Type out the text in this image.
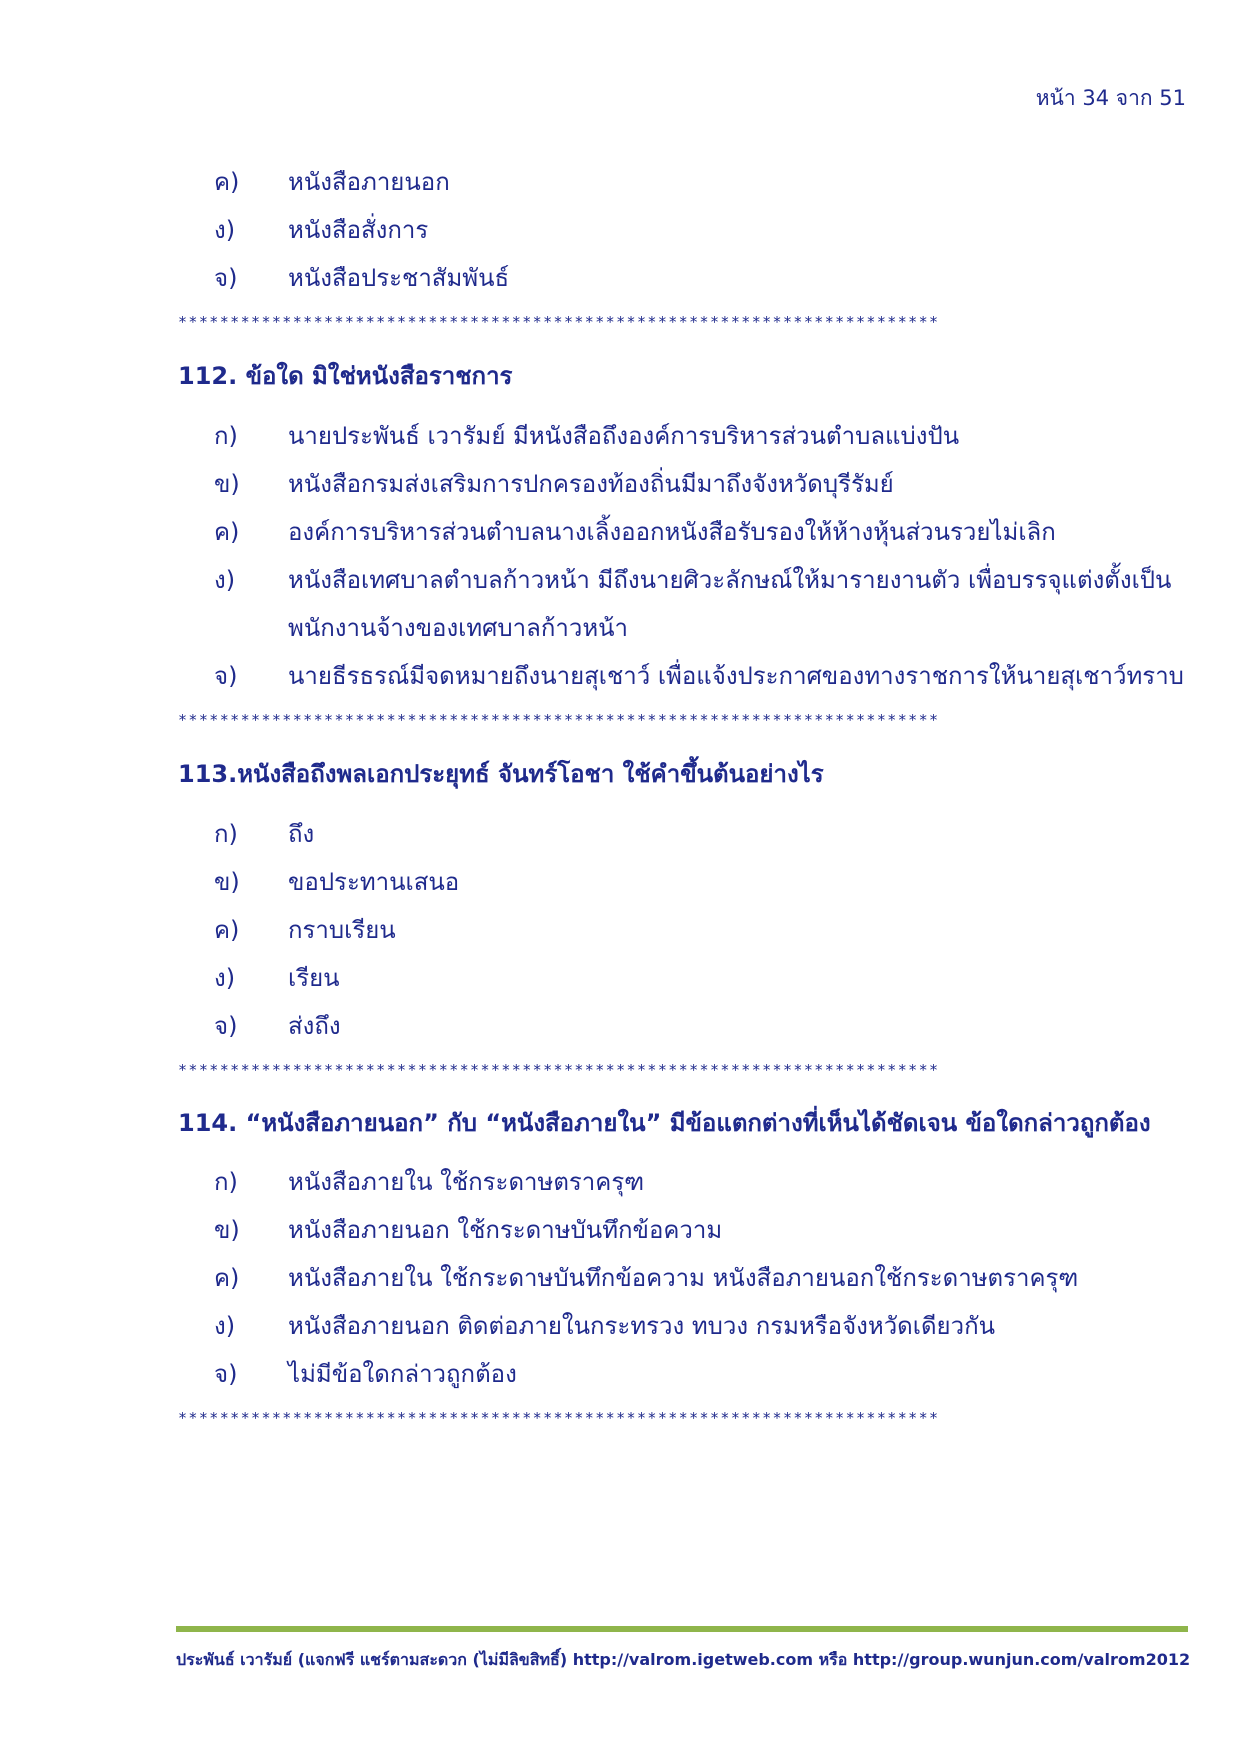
หน้า 34 จาก 51
ค)	หนังสือภายนอก
ง)	หนังสือสั่งการ
จ)	หนังสือประชาสัมพันธ์
*************************************************************************
112. ข้อใด มิใช่หนังสือราชการ
ก)	นายประพันธ์ เวารัมย์ มีหนังสือถึงองค์การบริหารส่วนตำบลแบ่งปัน
ข)	หนังสือกรมส่งเสริมการปกครองท้องถิ่นมีมาถึงจังหวัดบุรีรัมย์
ค)	องค์การบริหารส่วนตำบลนางเลิ้งออกหนังสือรับรองให้ห้างหุ้นส่วนรวยไม่เลิก
ง)	หนังสือเทศบาลตำบลก้าวหน้า มีถึงนายศิวะลักษณ์ให้มารายงานตัว เพื่อบรรจุแต่งตั้งเป็นพนักงานจ้างของเทศบาลก้าวหน้า
จ)	นายธีรธรณ์มีจดหมายถึงนายสุเชาว์ เพื่อแจ้งประกาศของทางราชการให้นายสุเชาว์ทราบ
*************************************************************************
113.หนังสือถึงพลเอกประยุทธ์ จันทร์โอชา ใช้คำขึ้นต้นอย่างไร
ก)	ถึง
ข)	ขอประทานเสนอ
ค)	กราบเรียน
ง)	เรียน
จ)	ส่งถึง
*************************************************************************
114. “หนังสือภายนอก” กับ “หนังสือภายใน” มีข้อแตกต่างที่เห็นได้ชัดเจน ข้อใดกล่าวถูกต้อง
ก)	หนังสือภายใน ใช้กระดาษตราครุฑ
ข)	หนังสือภายนอก ใช้กระดาษบันทึกข้อความ
ค)	หนังสือภายใน ใช้กระดาษบันทึกข้อความ หนังสือภายนอกใช้กระดาษตราครุฑ
ง)	หนังสือภายนอก ติดต่อภายในกระทรวง ทบวง กรมหรือจังหวัดเดียวกัน
จ)	ไม่มีข้อใดกล่าวถูกต้อง
*************************************************************************
ประพันธ์ เวารัมย์ (แจกฟรี แชร์ตามสะดวก (ไม่มีลิขสิทธิ์) http://valrom.igetweb.com หรือ http://group.wunjun.com/valrom2012
